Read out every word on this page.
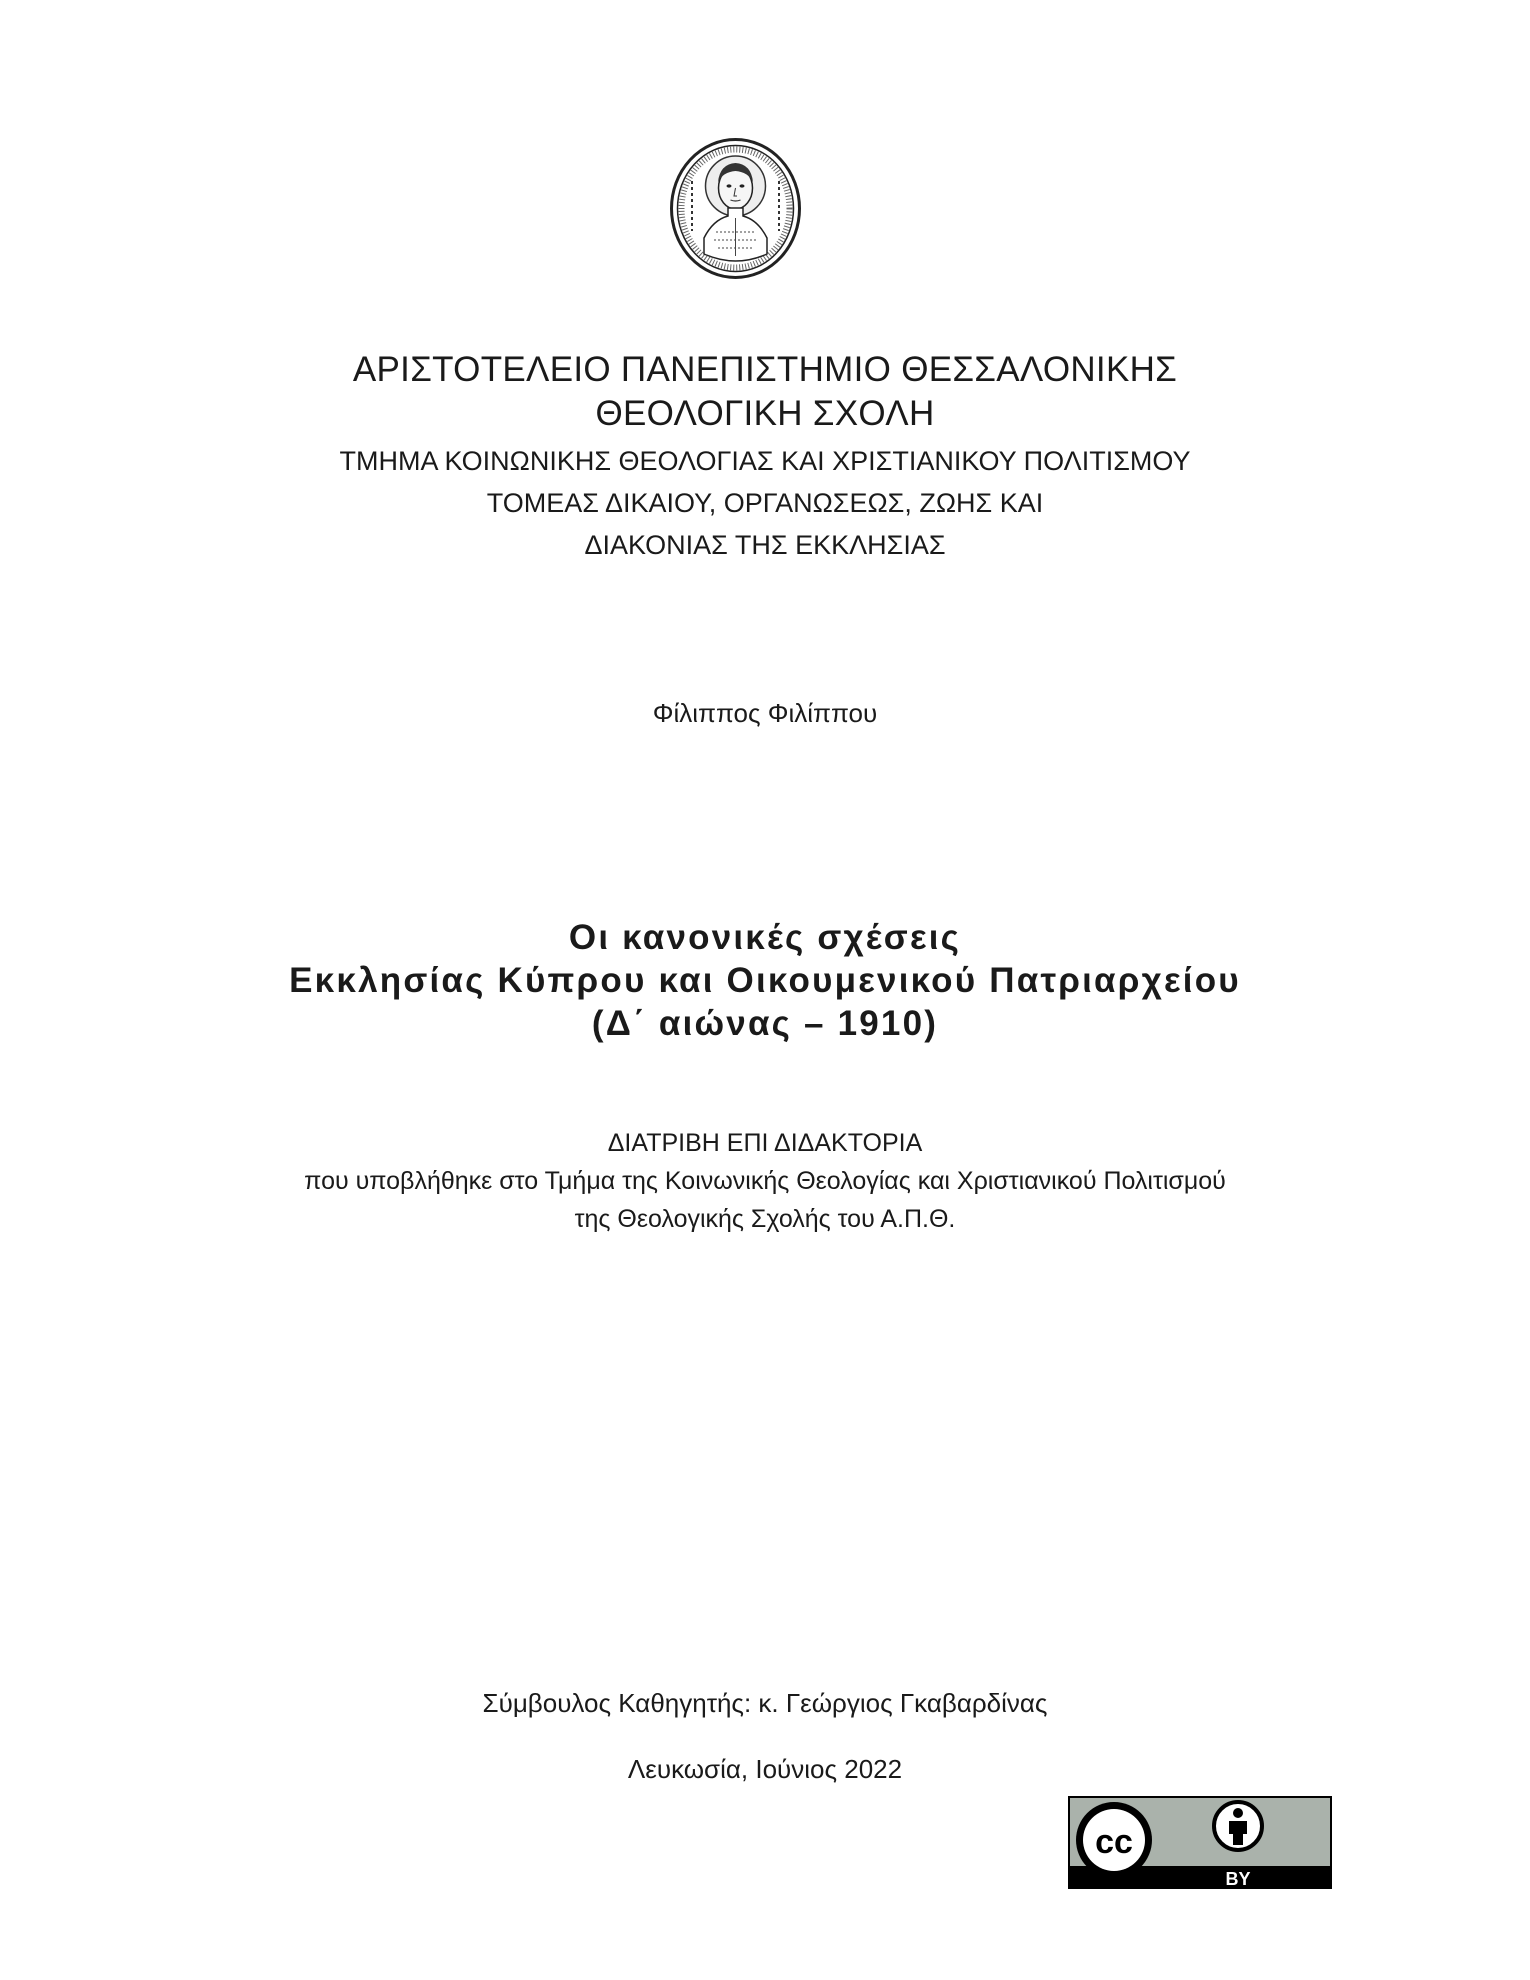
ΑΡΙΣΤΟΤΕΛΕΙΟ ΠΑΝΕΠΙΣΤΗΜΙΟ ΘΕΣΣΑΛΟΝΙΚΗΣ
ΘΕΟΛΟΓΙΚΗ ΣΧΟΛΗ
ΤΜΗΜΑ ΚΟΙΝΩΝΙΚΗΣ ΘΕΟΛΟΓΙΑΣ ΚΑΙ ΧΡΙΣΤΙΑΝΙΚΟΥ ΠΟΛΙΤΙΣΜΟΥ
ΤΟΜΕΑΣ ΔΙΚΑΙΟΥ, ΟΡΓΑΝΩΣΕΩΣ, ΖΩΗΣ ΚΑΙ
ΔΙΑΚΟΝΙΑΣ ΤΗΣ ΕΚΚΛΗΣΙΑΣ
Φίλιππος Φιλίππου
Οι κανονικές σχέσεις
Εκκλησίας Κύπρου και Οικουμενικού Πατριαρχείου
(Δ΄ αιώνας – 1910)
ΔΙΑΤΡΙΒΗ ΕΠΙ ΔΙΔΑΚΤΟΡΙΑ
που υποβλήθηκε στο Τμήμα της Κοινωνικής Θεολογίας και Χριστιανικού Πολιτισμού
της Θεολογικής Σχολής του Α.Π.Θ.
Σύμβουλος Καθηγητής: κ. Γεώργιος Γκαβαρδίνας
Λευκωσία, Ιούνιος 2022
cc
BY
